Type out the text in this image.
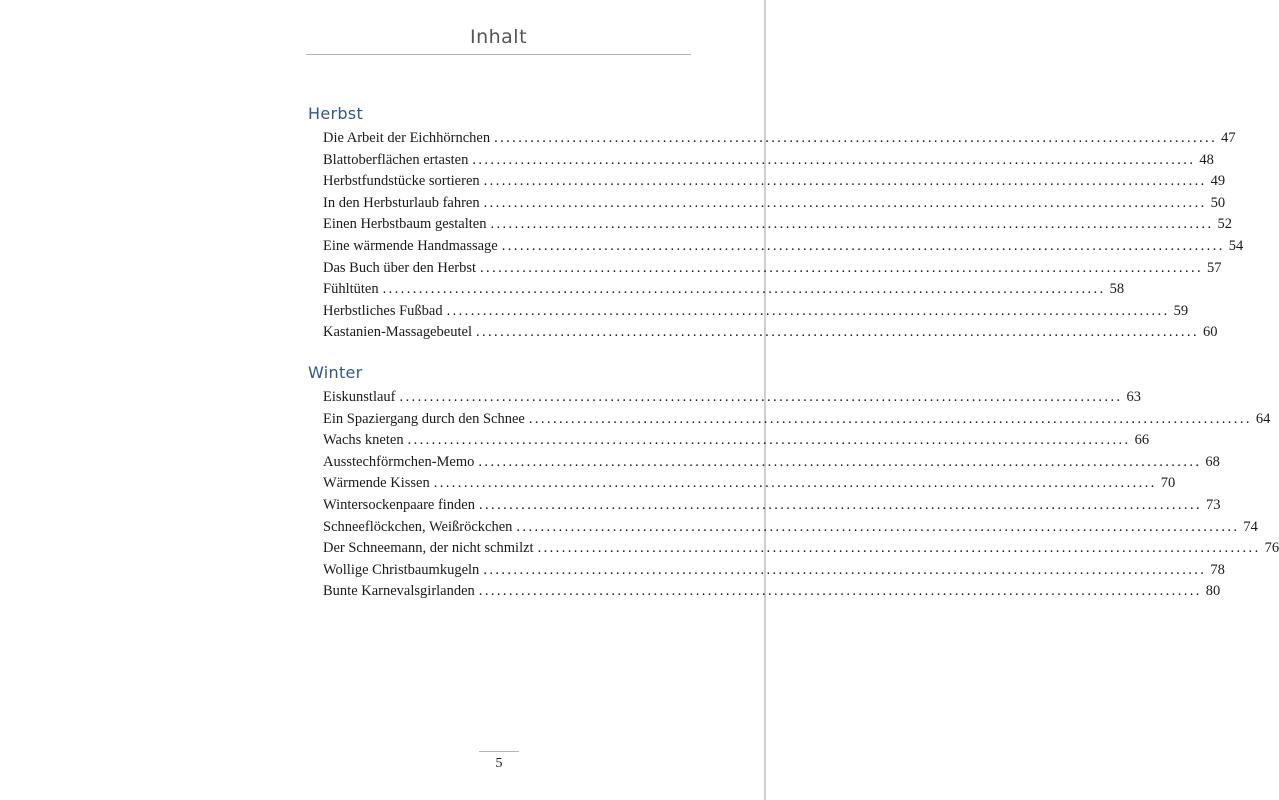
Inhalt
Herbst
Die Arbeit der Eichhörnchen ........................................................................................................................ 47
Blattoberflächen ertasten ........................................................................................................................ 48
Herbstfundstücke sortieren ........................................................................................................................ 49
In den Herbsturlaub fahren ........................................................................................................................ 50
Einen Herbstbaum gestalten ........................................................................................................................ 52
Eine wärmende Handmassage ........................................................................................................................ 54
Das Buch über den Herbst ........................................................................................................................ 57
Fühltüten ........................................................................................................................ 58
Herbstliches Fußbad ........................................................................................................................ 59
Kastanien-Massagebeutel ........................................................................................................................ 60
Winter
Eiskunstlauf ........................................................................................................................ 63
Ein Spaziergang durch den Schnee ........................................................................................................................ 64
Wachs kneten ........................................................................................................................ 66
Ausstechförmchen-Memo ........................................................................................................................ 68
Wärmende Kissen ........................................................................................................................ 70
Wintersockenpaare finden ........................................................................................................................ 73
Schneeflöckchen, Weißröckchen ........................................................................................................................ 74
Der Schneemann, der nicht schmilzt ........................................................................................................................ 76
Wollige Christbaumkugeln ........................................................................................................................ 78
Bunte Karnevalsgirlanden ........................................................................................................................ 80
5
